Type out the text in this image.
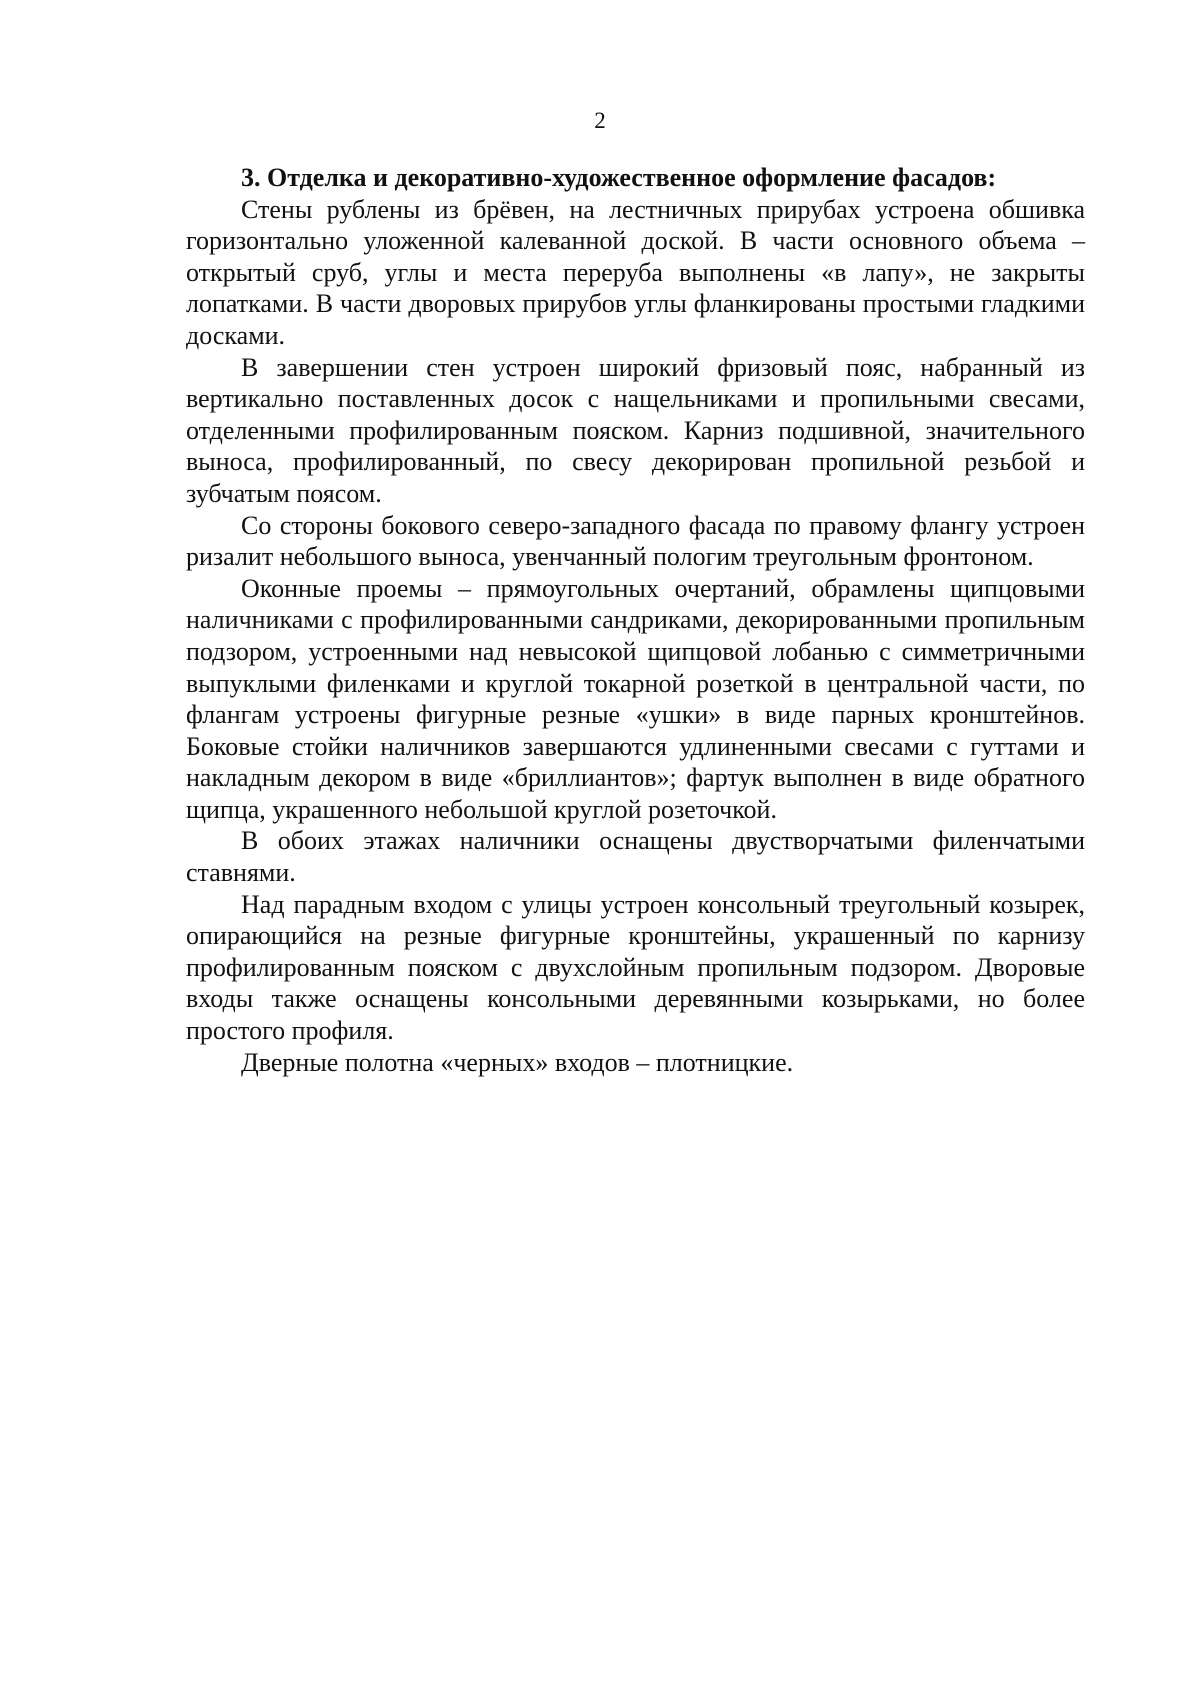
2

3. Отделка и декоративно-художественное оформление фасадов:

Стены рублены из брёвен, на лестничных прирубах устроена обшивка горизонтально уложенной калеванной доской. В части основного объема – открытый сруб, углы и места переруба выполнены «в лапу», не закрыты лопатками. В части дворовых прирубов углы фланкированы простыми гладкими досками.

В завершении стен устроен широкий фризовый пояс, набранный из вертикально поставленных досок с нащельниками и пропильными свесами, отделенными профилированным пояском. Карниз подшивной, значительного выноса, профилированный, по свесу декорирован пропильной резьбой и зубчатым поясом.

Со стороны бокового северо-западного фасада по правому флангу устроен ризалит небольшого выноса, увенчанный пологим треугольным фронтоном.

Оконные проемы – прямоугольных очертаний, обрамлены щипцовыми наличниками с профилированными сандриками, декорированными пропильным подзором, устроенными над невысокой щипцовой лобанью с симметричными выпуклыми филенками и круглой токарной розеткой в центральной части, по флангам устроены фигурные резные «ушки» в виде парных кронштейнов. Боковые стойки наличников завершаются удлиненными свесами с гуттами и накладным декором в виде «бриллиантов»; фартук выполнен в виде обратного щипца, украшенного небольшой круглой розеточкой.

В обоих этажах наличники оснащены двустворчатыми филенчатыми ставнями.

Над парадным входом с улицы устроен консольный треугольный козырек, опирающийся на резные фигурные кронштейны, украшенный по карнизу профилированным пояском с двухслойным пропильным подзором. Дворовые входы также оснащены консольными деревянными козырьками, но более простого профиля.

Дверные полотна «черных» входов – плотницкие.
